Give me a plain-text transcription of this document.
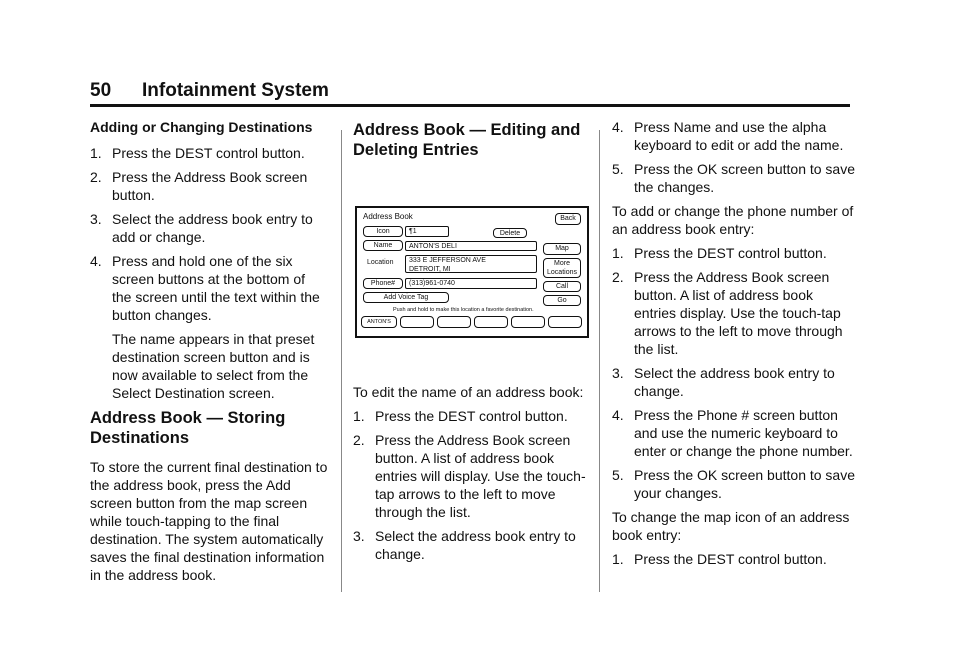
50 Infotainment System
Adding or Changing Destinations
1. Press the DEST control button.
2. Press the Address Book screen button.
3. Select the address book entry to add or change.
4. Press and hold one of the six screen buttons at the bottom of the screen until the text within the button changes.

The name appears in that preset destination screen button and is now available to select from the Select Destination screen.

Address Book — Storing Destinations

To store the current final destination to the address book, press the Add screen button from the map screen while touch-tapping to the final destination. The system automatically saves the final destination information in the address book.

Address Book — Editing and Deleting Entries
Address Book	Back
Icon	¶1	Delete
Name	ANTON'S DELI	Map
Location 333 E JEFFERSON AVE
DETROIT, MI
More Locations
Phone#	(313)961-0740	Call
Add Voice Tag	Go
Push and hold to make this location a favorite destination.
ANTON'S

To edit the name of an address book:

1. Press the DEST control button.
2. Press the Address Book screen button. A list of address book entries will display. Use the touch-tap arrows to the left to move through the list.
3. Select the address book entry to change.
4. Press Name and use the alpha keyboard to edit or add the name.
5. Press the OK screen button to save the changes.

To add or change the phone number of an address book entry:

1. Press the DEST control button.
2. Press the Address Book screen button. A list of address book entries display. Use the touch-tap arrows to the left to move through the list.
3. Select the address book entry to change.
4. Press the Phone # screen button and use the numeric keyboard to enter or change the phone number.
5. Press the OK screen button to save your changes.

To change the map icon of an address book entry:

1. Press the DEST control button.
